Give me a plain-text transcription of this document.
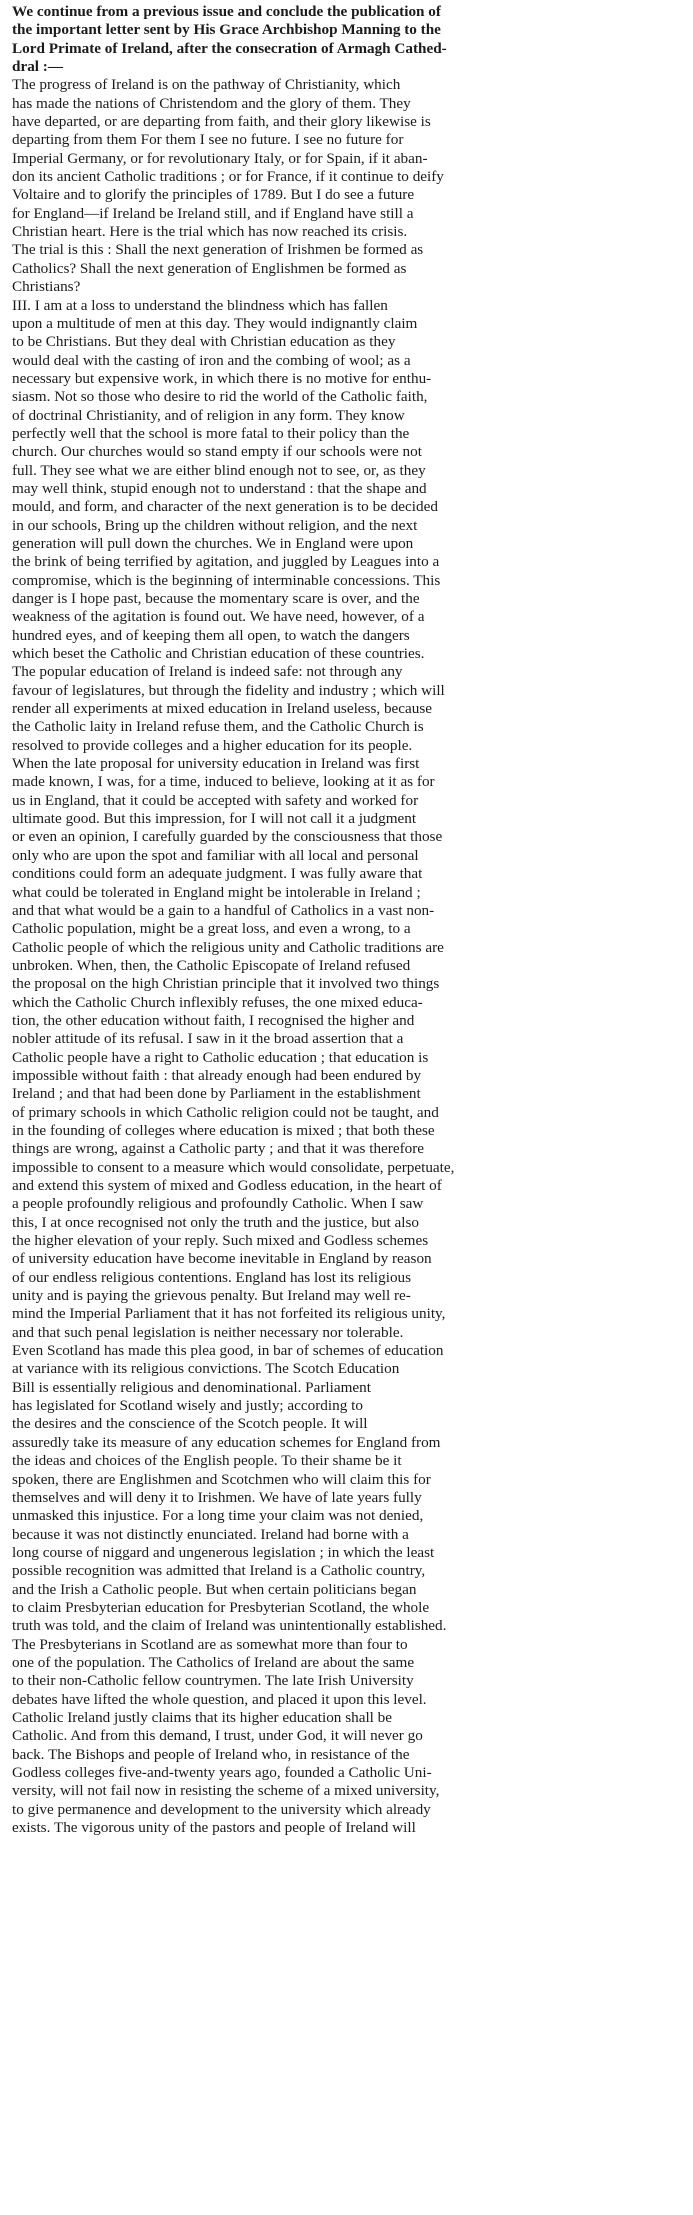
We continue from a previous issue and conclude the publication of
the important letter sent by His Grace Archbishop Manning to the
Lord Primate of Ireland, after the consecration of Armagh Cathed-
dral :—
The progress of Ireland is on the pathway of Christianity, which
has made the nations of Christendom and the glory of them. They
have departed, or are departing from faith, and their glory likewise is
departing from them For them I see no future. I see no future for
Imperial Germany, or for revolutionary Italy, or for Spain, if it aban-
don its ancient Catholic traditions ; or for France, if it continue to deify
Voltaire and to glorify the principles of 1789. But I do see a future
for England—if Ireland be Ireland still, and if England have still a
Christian heart. Here is the trial which has now reached its crisis.
The trial is this : Shall the next generation of Irishmen be formed as
Catholics? Shall the next generation of Englishmen be formed as
Christians?
III. I am at a loss to understand the blindness which has fallen
upon a multitude of men at this day. They would indignantly claim
to be Christians. But they deal with Christian education as they
would deal with the casting of iron and the combing of wool; as a
necessary but expensive work, in which there is no motive for enthu-
siasm. Not so those who desire to rid the world of the Catholic faith,
of doctrinal Christianity, and of religion in any form. They know
perfectly well that the school is more fatal to their policy than the
church. Our churches would so stand empty if our schools were not
full. They see what we are either blind enough not to see, or, as they
may well think, stupid enough not to understand : that the shape and
mould, and form, and character of the next generation is to be decided
in our schools, Bring up the children without religion, and the next
generation will pull down the churches. We in England were upon
the brink of being terrified by agitation, and juggled by Leagues into a
compromise, which is the beginning of interminable concessions. This
danger is I hope past, because the momentary scare is over, and the
weakness of the agitation is found out. We have need, however, of a
hundred eyes, and of keeping them all open, to watch the dangers
which beset the Catholic and Christian education of these countries.
The popular education of Ireland is indeed safe: not through any
favour of legislatures, but through the fidelity and industry ; which will
render all experiments at mixed education in Ireland useless, because
the Catholic laity in Ireland refuse them, and the Catholic Church is
resolved to provide colleges and a higher education for its people.
When the late proposal for university education in Ireland was first
made known, I was, for a time, induced to believe, looking at it as for
us in England, that it could be accepted with safety and worked for
ultimate good. But this impression, for I will not call it a judgment
or even an opinion, I carefully guarded by the consciousness that those
only who are upon the spot and familiar with all local and personal
conditions could form an adequate judgment. I was fully aware that
what could be tolerated in England might be intolerable in Ireland ;
and that what would be a gain to a handful of Catholics in a vast non-
Catholic population, might be a great loss, and even a wrong, to a
Catholic people of which the religious unity and Catholic traditions are
unbroken. When, then, the Catholic Episcopate of Ireland refused
the proposal on the high Christian principle that it involved two things
which the Catholic Church inflexibly refuses, the one mixed educa-
tion, the other education without faith, I recognised the higher and
nobler attitude of its refusal. I saw in it the broad assertion that a
Catholic people have a right to Catholic education ; that education is
impossible without faith : that already enough had been endured by
Ireland ; and that had been done by Parliament in the establishment
of primary schools in which Catholic religion could not be taught, and
in the founding of colleges where education is mixed ; that both these
things are wrong, against a Catholic party ; and that it was therefore
impossible to consent to a measure which would consolidate, perpetuate,
and extend this system of mixed and Godless education, in the heart of
a people profoundly religious and profoundly Catholic. When I saw
this, I at once recognised not only the truth and the justice, but also
the higher elevation of your reply. Such mixed and Godless schemes
of university education have become inevitable in England by reason
of our endless religious contentions. England has lost its religious
unity and is paying the grievous penalty. But Ireland may well re-
mind the Imperial Parliament that it has not forfeited its religious unity,
and that such penal legislation is neither necessary nor tolerable.
Even Scotland has made this plea good, in bar of schemes of education
at variance with its religious convictions. The Scotch Education
Bill is essentially religious and denominational. Parliament
has legislated for Scotland wisely and justly; according to
the desires and the conscience of the Scotch people. It will
assuredly take its measure of any education schemes for England from
the ideas and choices of the English people. To their shame be it
spoken, there are Englishmen and Scotchmen who will claim this for
themselves and will deny it to Irishmen. We have of late years fully
unmasked this injustice. For a long time your claim was not denied,
because it was not distinctly enunciated. Ireland had borne with a
long course of niggard and ungenerous legislation ; in which the least
possible recognition was admitted that Ireland is a Catholic country,
and the Irish a Catholic people. But when certain politicians began
to claim Presbyterian education for Presbyterian Scotland, the whole
truth was told, and the claim of Ireland was unintentionally established.
The Presbyterians in Scotland are as somewhat more than four to
one of the population. The Catholics of Ireland are about the same
to their non-Catholic fellow countrymen. The late Irish University
debates have lifted the whole question, and placed it upon this level.
Catholic Ireland justly claims that its higher education shall be
Catholic. And from this demand, I trust, under God, it will never go
back. The Bishops and people of Ireland who, in resistance of the
Godless colleges five-and-twenty years ago, founded a Catholic Uni-
versity, will not fail now in resisting the scheme of a mixed university,
to give permanence and development to the university which already
exists. The vigorous unity of the pastors and people of Ireland will
